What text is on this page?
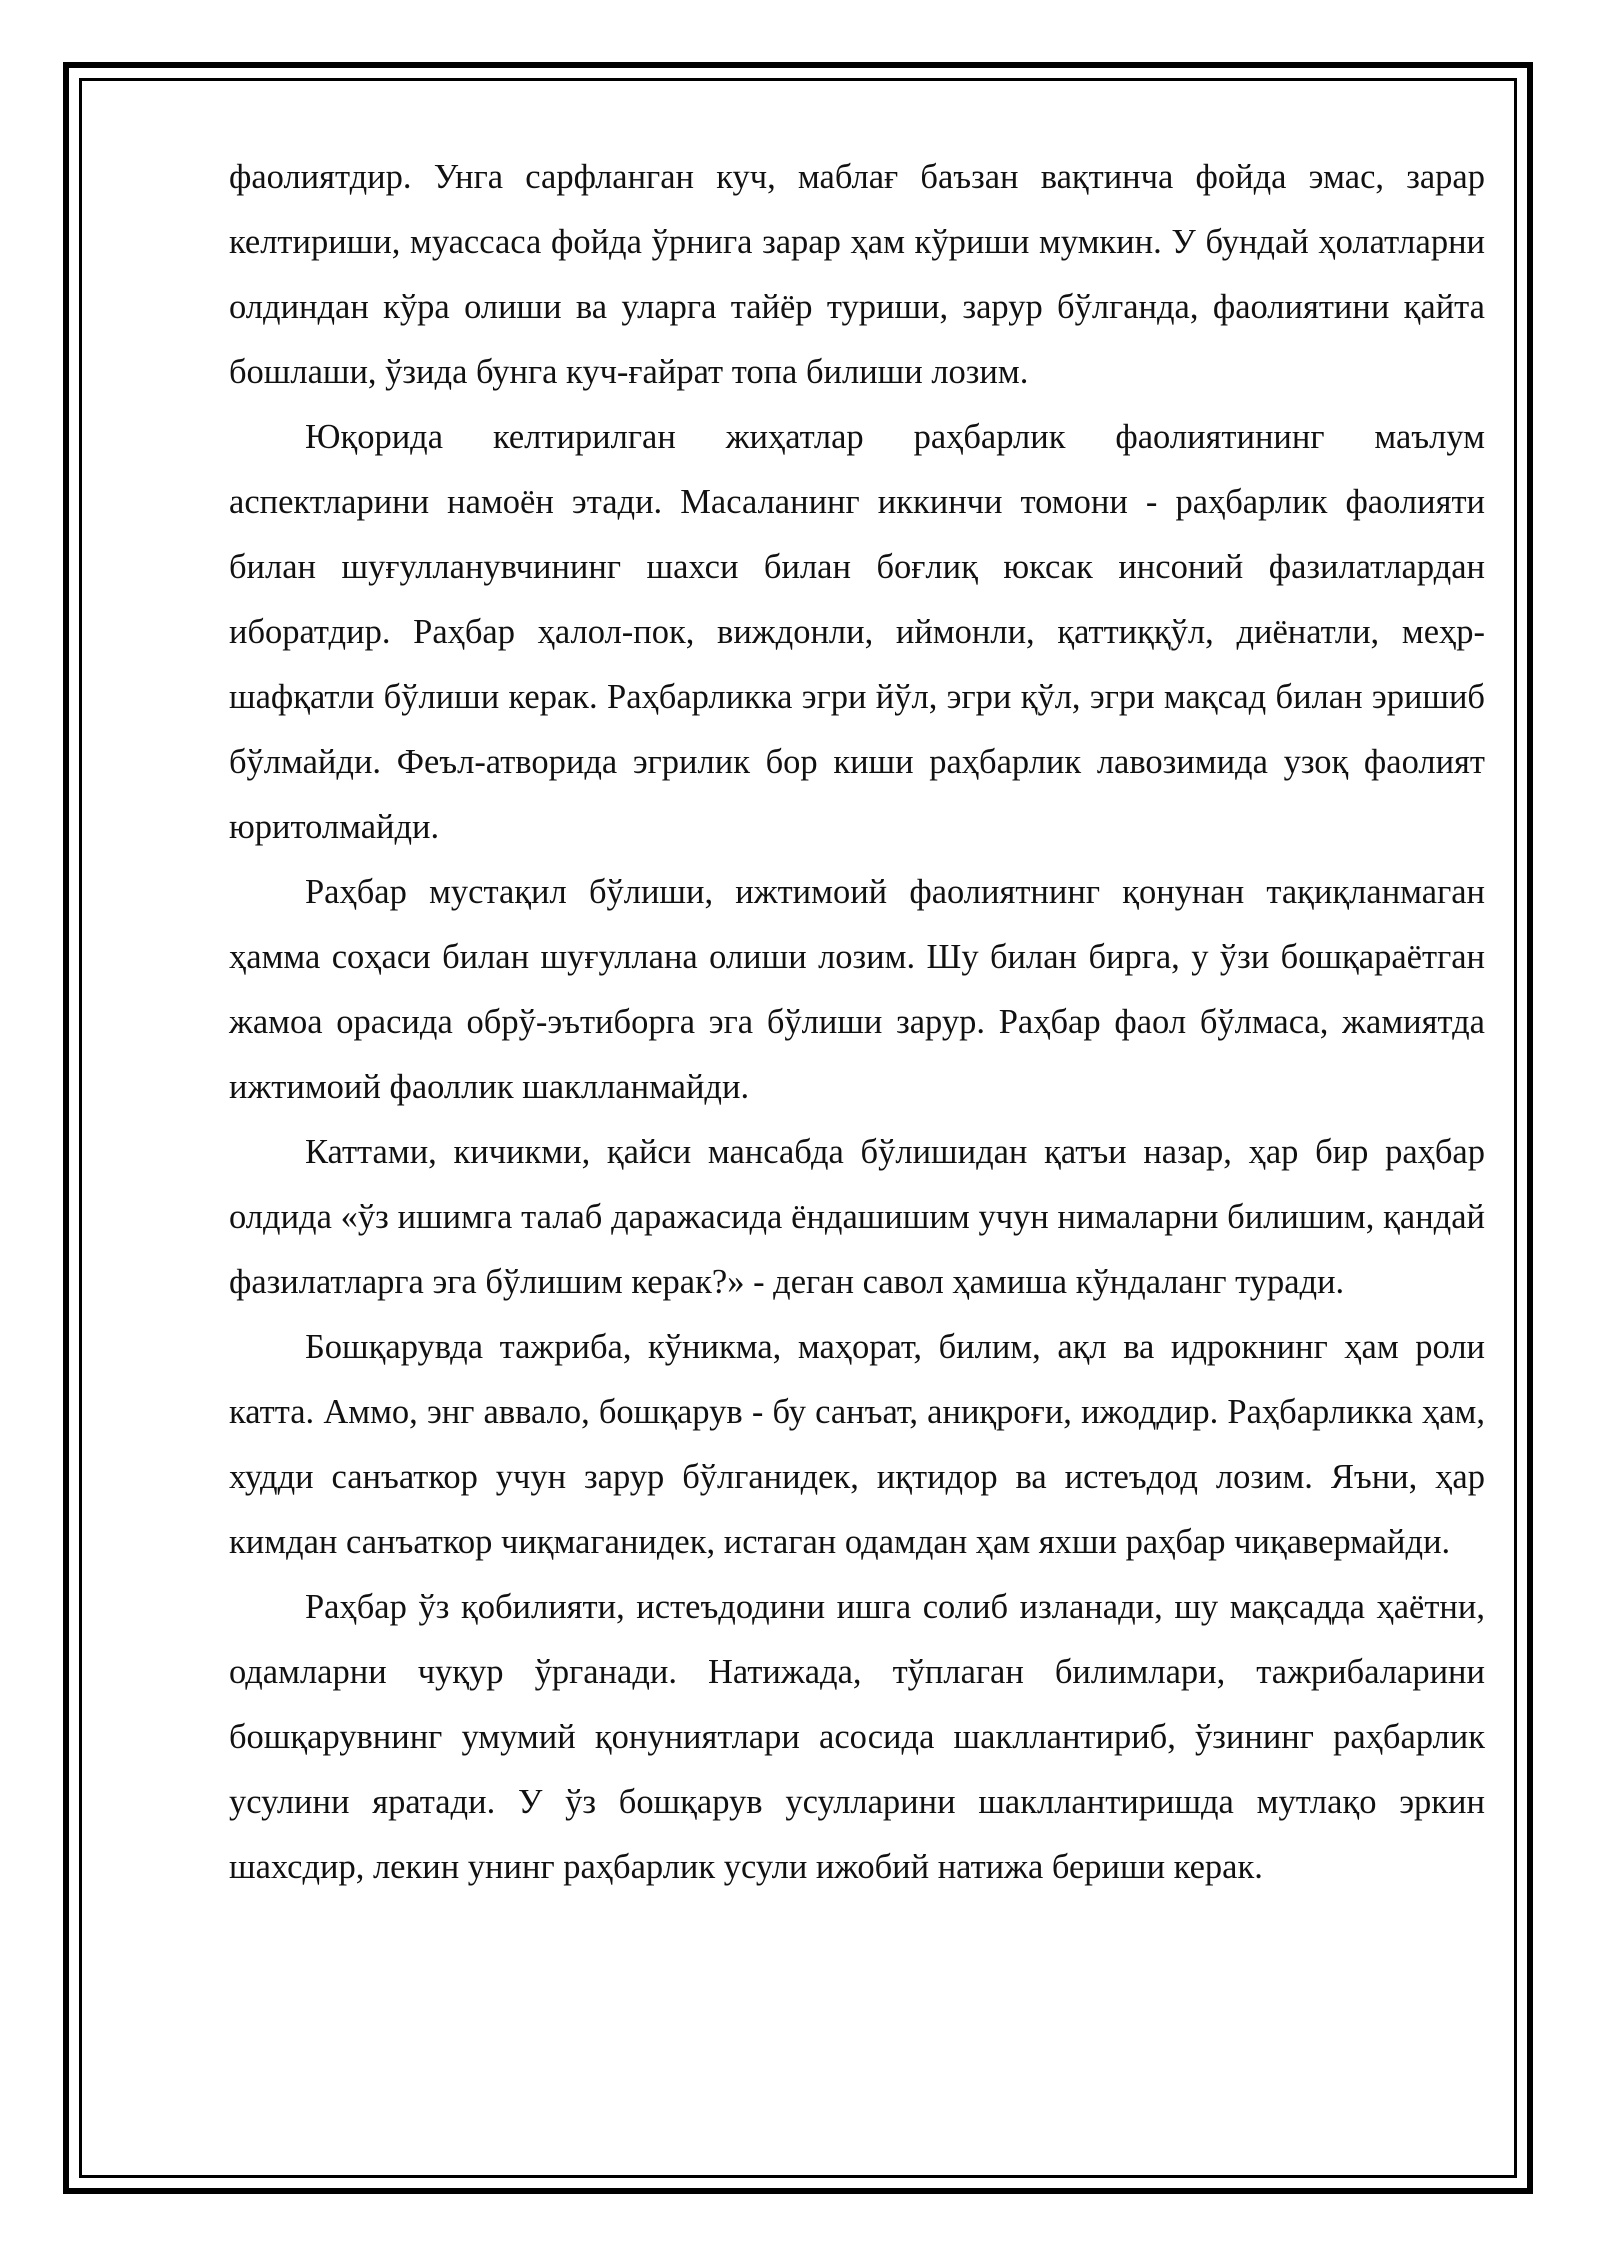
фаолиятдир. Унга сарфланган куч, маблағ баъзан вақтинча фойда эмас, зарар келтириши, муассаса фойда ўрнига зарар ҳам кўриши мумкин. У бундай ҳолатларни олдиндан кўра олиши ва уларга тайёр туриши, зарур бўлганда, фаолиятини қайта бошлаши, ўзида бунга куч-ғайрат топа билиши лозим.

Юқорида келтирилган жиҳатлар раҳбарлик фаолиятининг маълум аспектларини намоён этади. Масаланинг иккинчи томони - раҳбарлик фаолияти билан шуғулланувчининг шахси билан боғлиқ юксак инсоний фазилатлардан иборатдир. Раҳбар ҳалол-пок, виждонли, иймонли, қаттиққўл, диёнатли, меҳр-шафқатли бўлиши керак. Раҳбарликка эгри йўл, эгри қўл, эгри мақсад билан эришиб бўлмайди. Феъл-атворида эгрилик бор киши раҳбарлик лавозимида узоқ фаолият юритолмайди.

Раҳбар мустақил бўлиши, ижтимоий фаолиятнинг қонунан тақиқланмаган ҳамма соҳаси билан шуғуллана олиши лозим. Шу билан бирга, у ўзи бошқараётган жамоа орасида обрў-эътиборга эга бўлиши зарур. Раҳбар фаол бўлмаса, жамиятда ижтимоий фаоллик шаклланмайди.

Каттами, кичикми, қайси мансабда бўлишидан қатъи назар, ҳар бир раҳбар олдида «ўз ишимга талаб даражасида ёндашишим учун нималарни билишим, қандай фазилатларга эга бўлишим керак?» - деган савол ҳамиша кўндаланг туради.

Бошқарувда тажриба, кўникма, маҳорат, билим, ақл ва идрокнинг ҳам роли катта. Аммо, энг аввало, бошқарув - бу санъат, аниқроғи, ижоддир. Раҳбарликка ҳам, худди санъаткор учун зарур бўлганидек, иқтидор ва истеъдод лозим. Яъни, ҳар кимдан санъаткор чиқмаганидек, истаган одамдан ҳам яхши раҳбар чиқавермайди.

Раҳбар ўз қобилияти, истеъдодини ишга солиб изланади, шу мақсадда ҳаётни, одамларни чуқур ўрганади. Натижада, тўплаган билимлари, тажрибаларини бошқарувнинг умумий қонуниятлари асосида шакллантириб, ўзининг раҳбарлик усулини яратади. У ўз бошқарув усулларини шакллантиришда мутлақо эркин шахсдир, лекин унинг раҳбарлик усули ижобий натижа бериши керак.
